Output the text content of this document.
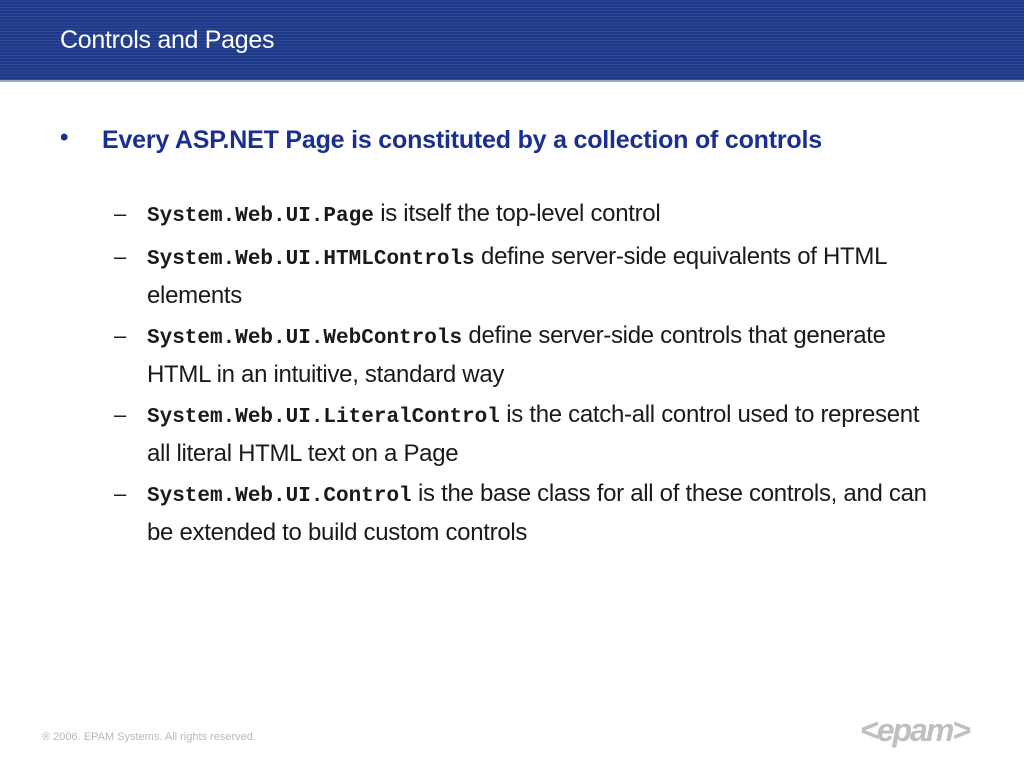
Controls and Pages
• Every ASP.NET Page is constituted by a collection of controls
– System.Web.UI.Page is itself the top-level control
– System.Web.UI.HTMLControls define server-side equivalents of HTML elements
– System.Web.UI.WebControls define server-side controls that generate HTML in an intuitive, standard way
– System.Web.UI.LiteralControl is the catch-all control used to represent all literal HTML text on a Page
– System.Web.UI.Control is the base class for all of these controls, and can be extended to build custom controls
® 2006. EPAM Systems. All rights reserved.	<epam>
